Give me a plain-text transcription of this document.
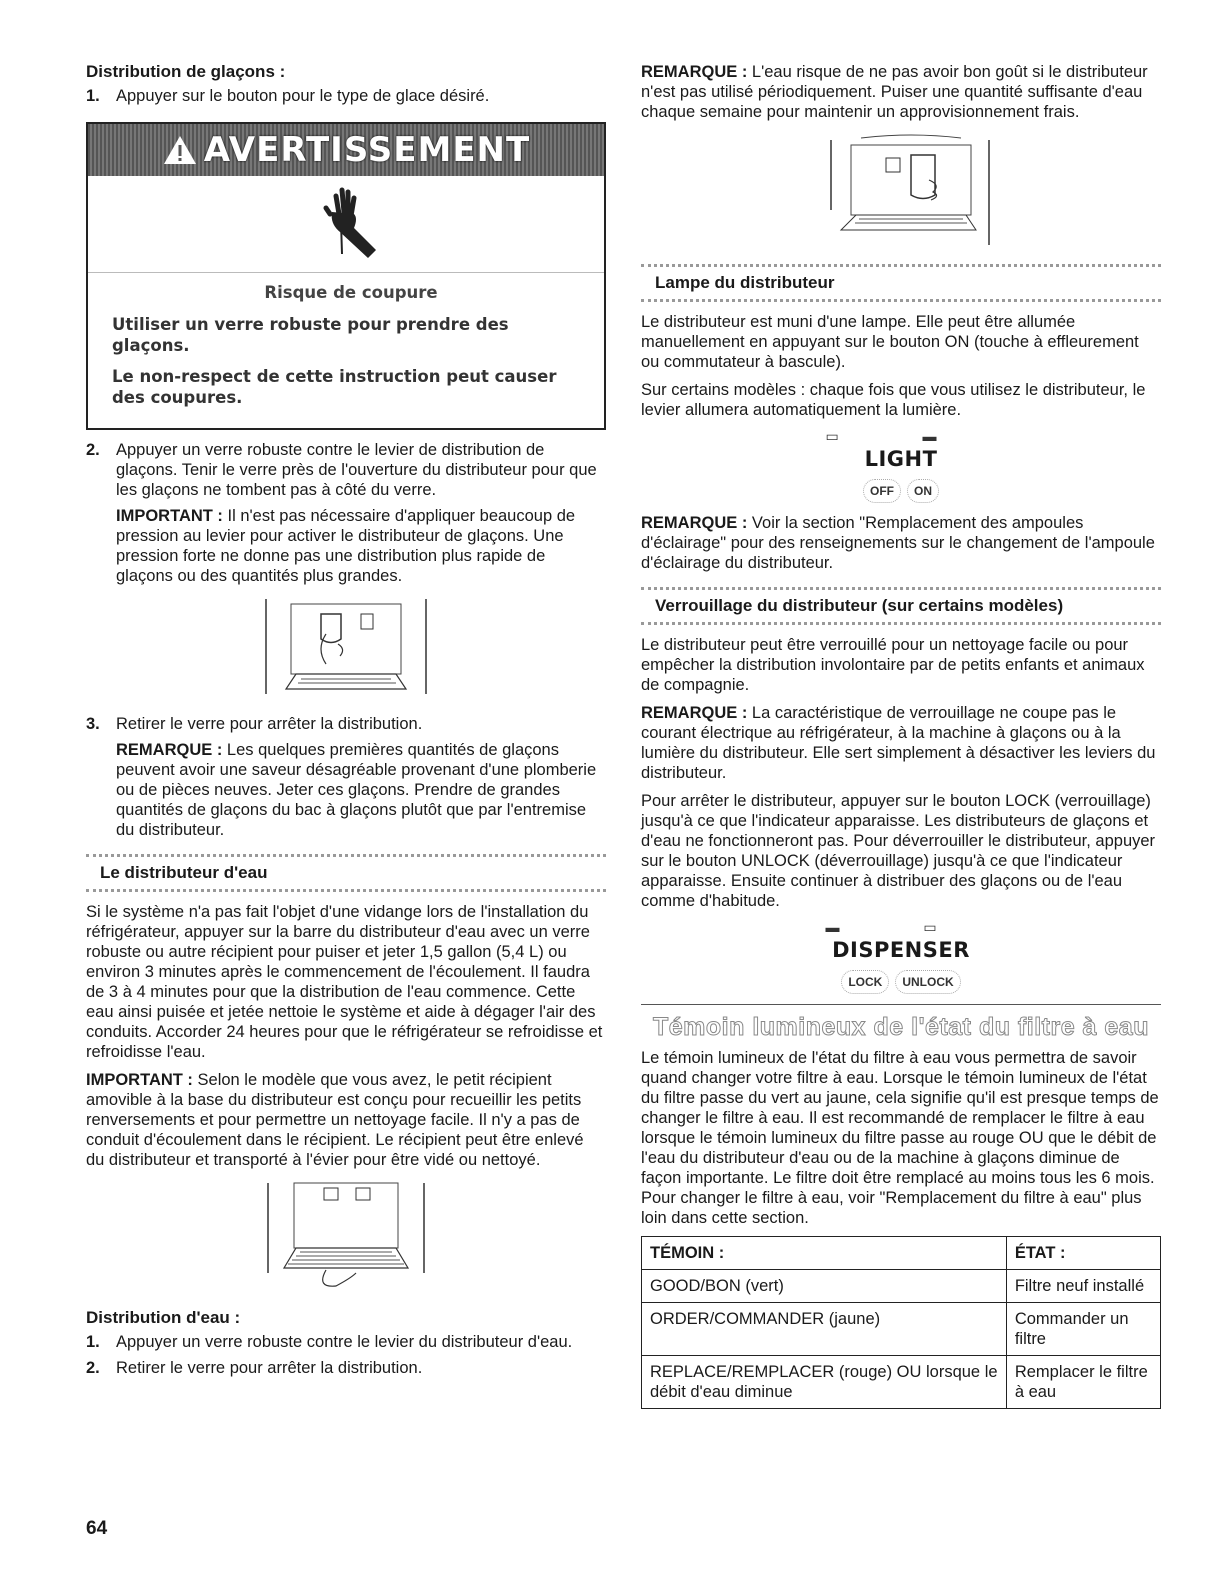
Distribution de glaçons :
1. Appuyer sur le bouton pour le type de glace désiré.
AVERTISSEMENT
Risque de coupure
Utiliser un verre robuste pour prendre des glaçons.
Le non-respect de cette instruction peut causer des coupures.
2. Appuyer un verre robuste contre le levier de distribution de glaçons. Tenir le verre près de l'ouverture du distributeur pour que les glaçons ne tombent pas à côté du verre.

IMPORTANT : Il n'est pas nécessaire d'appliquer beaucoup de pression au levier pour activer le distributeur de glaçons. Une pression forte ne donne pas une distribution plus rapide de glaçons ou des quantités plus grandes.

3. Retirer le verre pour arrêter la distribution.

REMARQUE : Les quelques premières quantités de glaçons peuvent avoir une saveur désagréable provenant d'une plomberie ou de pièces neuves. Jeter ces glaçons. Prendre de grandes quantités de glaçons du bac à glaçons plutôt que par l'entremise du distributeur.

Le distributeur d'eau

Si le système n'a pas fait l'objet d'une vidange lors de l'installation du réfrigérateur, appuyer sur la barre du distributeur d'eau avec un verre robuste ou autre récipient pour puiser et jeter 1,5 gallon (5,4 L) ou environ 3 minutes après le commencement de l'écoulement. Il faudra de 3 à 4 minutes pour que la distribution de l'eau commence. Cette eau ainsi puisée et jetée nettoie le système et aide à dégager l'air des conduits. Accorder 24 heures pour que le réfrigérateur se refroidisse et refroidisse l'eau.

IMPORTANT : Selon le modèle que vous avez, le petit récipient amovible à la base du distributeur est conçu pour recueillir les petits renversements et pour permettre un nettoyage facile. Il n'y a pas de conduit d'écoulement dans le récipient. Le récipient peut être enlevé du distributeur et transporté à l'évier pour être vidé ou nettoyé.

Distribution d'eau :
1. Appuyer un verre robuste contre le levier du distributeur d'eau.
2. Retirer le verre pour arrêter la distribution.

REMARQUE : L'eau risque de ne pas avoir bon goût si le distributeur n'est pas utilisé périodiquement. Puiser une quantité suffisante d'eau chaque semaine pour maintenir un approvisionnement frais.

Lampe du distributeur

Le distributeur est muni d'une lampe. Elle peut être allumée manuellement en appuyant sur le bouton ON (touche à effleurement ou commutateur à bascule).

Sur certains modèles : chaque fois que vous utilisez le distributeur, le levier allumera automatiquement la lumière.

▭ ▬
LIGHT
OFF	ON

REMARQUE : Voir la section "Remplacement des ampoules d'éclairage" pour des renseignements sur le changement de l'ampoule d'éclairage du distributeur.

Verrouillage du distributeur (sur certains modèles)

Le distributeur peut être verrouillé pour un nettoyage facile ou pour empêcher la distribution involontaire par de petits enfants et animaux de compagnie.

REMARQUE : La caractéristique de verrouillage ne coupe pas le courant électrique au réfrigérateur, à la machine à glaçons ou à la lumière du distributeur. Elle sert simplement à désactiver les leviers du distributeur.

Pour arrêter le distributeur, appuyer sur le bouton LOCK (verrouillage) jusqu'à ce que l'indicateur apparaisse. Les distributeurs de glaçons et d'eau ne fonctionneront pas. Pour déverrouiller le distributeur, appuyer sur le bouton UNLOCK (déverrouillage) jusqu'à ce que l'indicateur apparaisse. Ensuite continuer à distribuer des glaçons ou de l'eau comme d'habitude.

▬ ▭
DISPENSER
LOCK	UNLOCK
Témoin lumineux de l'état du filtre à eau

Le témoin lumineux de l'état du filtre à eau vous permettra de savoir quand changer votre filtre à eau. Lorsque le témoin lumineux de l'état du filtre passe du vert au jaune, cela signifie qu'il est presque temps de changer le filtre à eau. Il est recommandé de remplacer le filtre à eau lorsque le témoin lumineux du filtre passe au rouge OU que le débit de l'eau du distributeur d'eau ou de la machine à glaçons diminue de façon importante. Le filtre doit être remplacé au moins tous les 6 mois. Pour changer le filtre à eau, voir "Remplacement du filtre à eau" plus loin dans cette section.

TÉMOIN :	ÉTAT :
GOOD/BON (vert)	Filtre neuf installé
ORDER/COMMANDER (jaune)	Commander un filtre
REPLACE/REMPLACER (rouge) OU lorsque le débit d'eau diminue	Remplacer le filtre à eau
64
